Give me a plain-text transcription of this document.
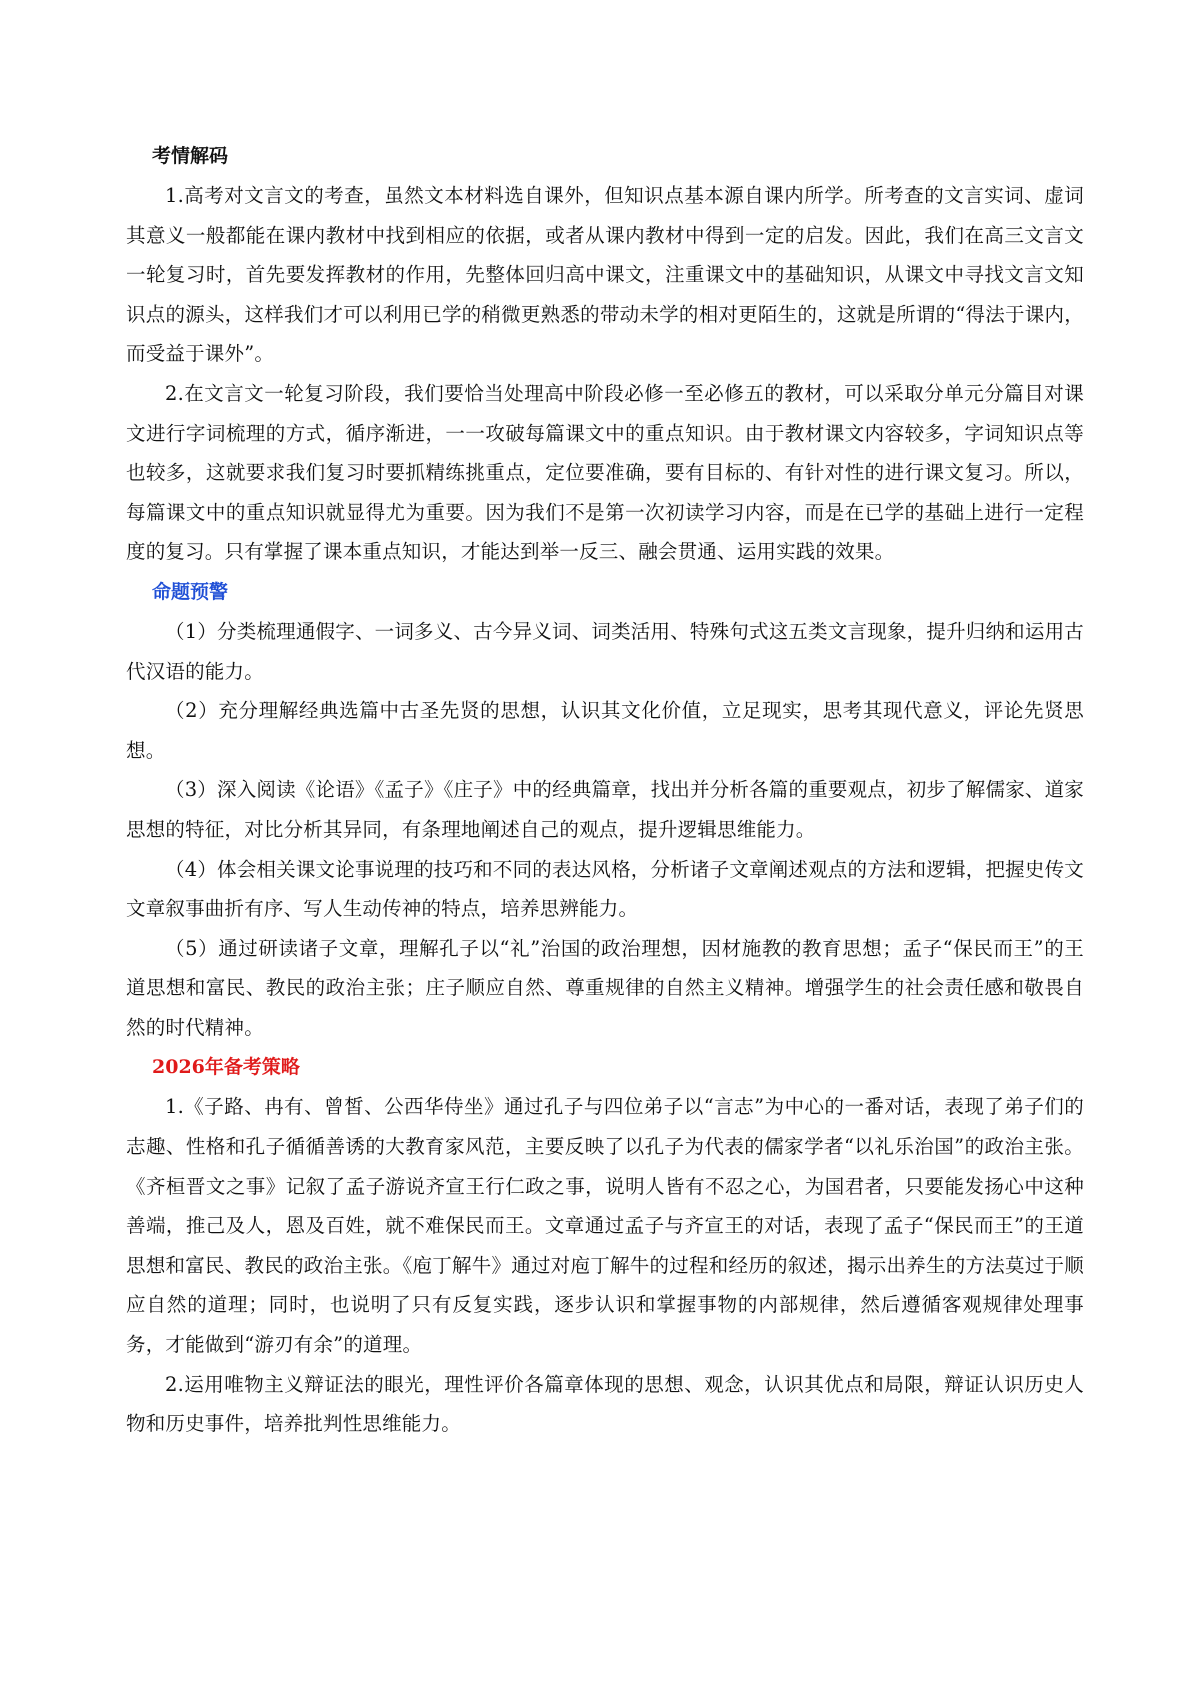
考情解码

1.高考对文言文的考查，虽然文本材料选自课外，但知识点基本源自课内所学。所考查的文言实词、虚词其意义一般都能在课内教材中找到相应的依据，或者从课内教材中得到一定的启发。因此，我们在高三文言文一轮复习时，首先要发挥教材的作用，先整体回归高中课文，注重课文中的基础知识，从课文中寻找文言文知识点的源头，这样我们才可以利用已学的稍微更熟悉的带动未学的相对更陌生的，这就是所谓的“得法于课内，而受益于课外”。

2.在文言文一轮复习阶段，我们要恰当处理高中阶段必修一至必修五的教材，可以采取分单元分篇目对课文进行字词梳理的方式，循序渐进，一一攻破每篇课文中的重点知识。由于教材课文内容较多，字词知识点等也较多，这就要求我们复习时要抓精练挑重点，定位要准确，要有目标的、有针对性的进行课文复习。所以，每篇课文中的重点知识就显得尤为重要。因为我们不是第一次初读学习内容，而是在已学的基础上进行一定程度的复习。只有掌握了课本重点知识，才能达到举一反三、融会贯通、运用实践的效果。

命题预警

（1）分类梳理通假字、一词多义、古今异义词、词类活用、特殊句式这五类文言现象，提升归纳和运用古代汉语的能力。

（2）充分理解经典选篇中古圣先贤的思想，认识其文化价值，立足现实，思考其现代意义，评论先贤思想。

（3）深入阅读《论语》《孟子》《庄子》中的经典篇章，找出并分析各篇的重要观点，初步了解儒家、道家思想的特征，对比分析其异同，有条理地阐述自己的观点，提升逻辑思维能力。

（4）体会相关课文论事说理的技巧和不同的表达风格，分析诸子文章阐述观点的方法和逻辑，把握史传文文章叙事曲折有序、写人生动传神的特点，培养思辨能力。

（5）通过研读诸子文章，理解孔子以“礼”治国的政治理想，因材施教的教育思想；孟子“保民而王”的王道思想和富民、教民的政治主张；庄子顺应自然、尊重规律的自然主义精神。增强学生的社会责任感和敬畏自然的时代精神。

2026年备考策略

1.《子路、冉有、曾皙、公西华侍坐》通过孔子与四位弟子以“言志”为中心的一番对话，表现了弟子们的志趣、性格和孔子循循善诱的大教育家风范，主要反映了以孔子为代表的儒家学者“以礼乐治国”的政治主张。《齐桓晋文之事》记叙了孟子游说齐宣王行仁政之事，说明人皆有不忍之心，为国君者，只要能发扬心中这种善端，推己及人，恩及百姓，就不难保民而王。文章通过孟子与齐宣王的对话，表现了孟子“保民而王”的王道思想和富民、教民的政治主张。《庖丁解牛》通过对庖丁解牛的过程和经历的叙述，揭示出养生的方法莫过于顺应自然的道理；同时，也说明了只有反复实践，逐步认识和掌握事物的内部规律，然后遵循客观规律处理事务，才能做到“游刃有余”的道理。

2.运用唯物主义辩证法的眼光，理性评价各篇章体现的思想、观念，认识其优点和局限，辩证认识历史人物和历史事件，培养批判性思维能力。
